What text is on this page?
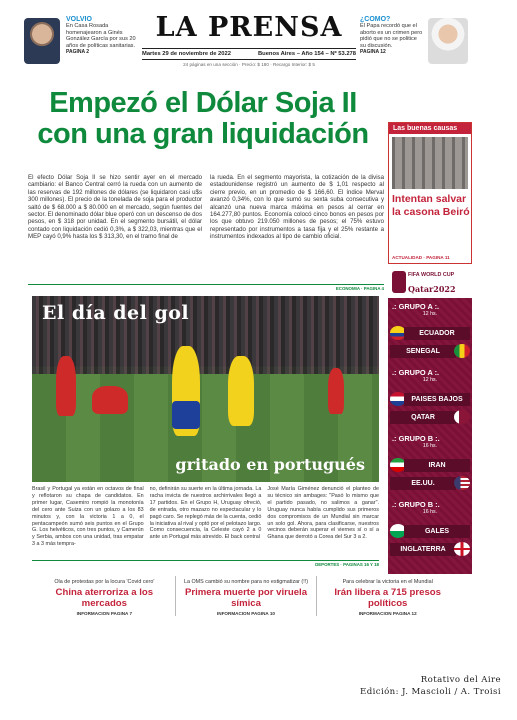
VOLVIO
En Casa Rosada homenajearon a Ginés González García por sus 20 años de políticas sanitarias.
PAGINA 2
LA PRENSA
Martes 29 de noviembre de 2022	Buenos Aires – Año 154 – Nº 53.278
24 páginas en una sección · Precio: $ 180 · Recargo Interior: $ 5
¿COMO?
El Papa recordó que el aborto es un crimen pero pidió que no se politice su discusión.
PAGINA 12
Empezó el Dólar Soja II con una gran liquidación

El efecto Dólar Soja II se hizo sentir ayer en el mercado cambiario: el Banco Central cerró la rueda con un aumento de las reservas de 192 millones de dólares (se liquidaron casi u$s 300 millones). El precio de la tonelada de soja para el productor saltó de $ 68.000 a $ 80.000 en el mercado, según fuentes del sector. El denominado dólar blue operó con un descenso de dos pesos, en $ 318 por unidad. En el segmento bursátil, el dólar contado con liquidación cedió 0,3%, a $ 322,03, mientras que el MEP cayó 0,9% hasta los $ 313,30, en el tramo final de

la rueda. En el segmento mayorista, la cotización de la divisa estadounidense registró un aumento de $ 1,01 respecto al cierre previo, en un promedio de $ 166,60. El índice Merval avanzó 0,34%, con lo que sumó su sexta suba consecutiva y alcanzó una nueva marca máxima en pesos al cerrar en 164.277,80 puntos. Economía colocó cinco bonos en pesos por los que obtuvo 219.050 millones de pesos; el 75% estuvo representado por instrumentos a tasa fija y el 25% restante a instrumentos indexados al tipo de cambio oficial.

ECONOMIA · PAGINA 4
Las buenas causas
Intentan salvar la casona Beiró
ACTUALIDAD · PAGINA 11
El día del gol
gritado en portugués

Brasil y Portugal ya están en octavos de final y reflotaron su chapa de candidatos. En primer lugar, Casemiro rompió la monotonía del cero ante Suiza con un golazo a los 83 minutos y, con la victoria 1 a 0, el pentacampeón sumó seis puntos en el Grupo G. Los helvéticos, con tres puntos, y Camerún y Serbia, ambos con una unidad, tras empatar 3 a 3 más tempra-

no, definirán su suerte en la última jornada. La racha invicta de nuestros archirrivales llegó a 17 partidos. En el Grupo H, Uruguay ofreció, de entrada, otro mazazo no espectacular y lo pagó caro. Se replegó más de la cuenta, cedió la iniciativa al rival y optó por el pelotazo largo. Como consecuencia, la Celeste cayó 2 a 0 ante un Portugal más atrevido. El back central

José María Giménez denunció el planteo de su técnico sin ambages: "Pasó lo mismo que el partido pasado, no salimos a ganar". Uruguay nunca había cumplido sus primeros dos compromisos de un Mundial sin marcar un solo gol. Ahora, para clasificarse, nuestros vecinos deberán superar el viernes sí o sí a Ghana que derrotó a Corea del Sur 3 a 2.

DEPORTES · PAGINAS 16 Y 18
FIFA WORLD CUP
Qatar2022
.: GRUPO A :.
12 hs.
ECUADOR
SENEGAL
.: GRUPO A :.
12 hs.
PAISES BAJOS
QATAR
.: GRUPO B :.
16 hs.
IRAN
EE.UU.
.: GRUPO B :.
16 hs.
GALES
INGLATERRA
Ola de protestas por la locura 'Covid cero'
China aterroriza a los mercados
INFORMACION PAGINA 7
La OMS cambió su nombre para no estigmatizar (!!)
Primera muerte por viruela símica
INFORMACION PAGINA 10
Para celebrar la victoria en el Mundial
Irán libera a 715 presos políticos
INFORMACION PAGINA 12
Rotativo del Aire
Edición: J. Mascioli / A. Troisi
